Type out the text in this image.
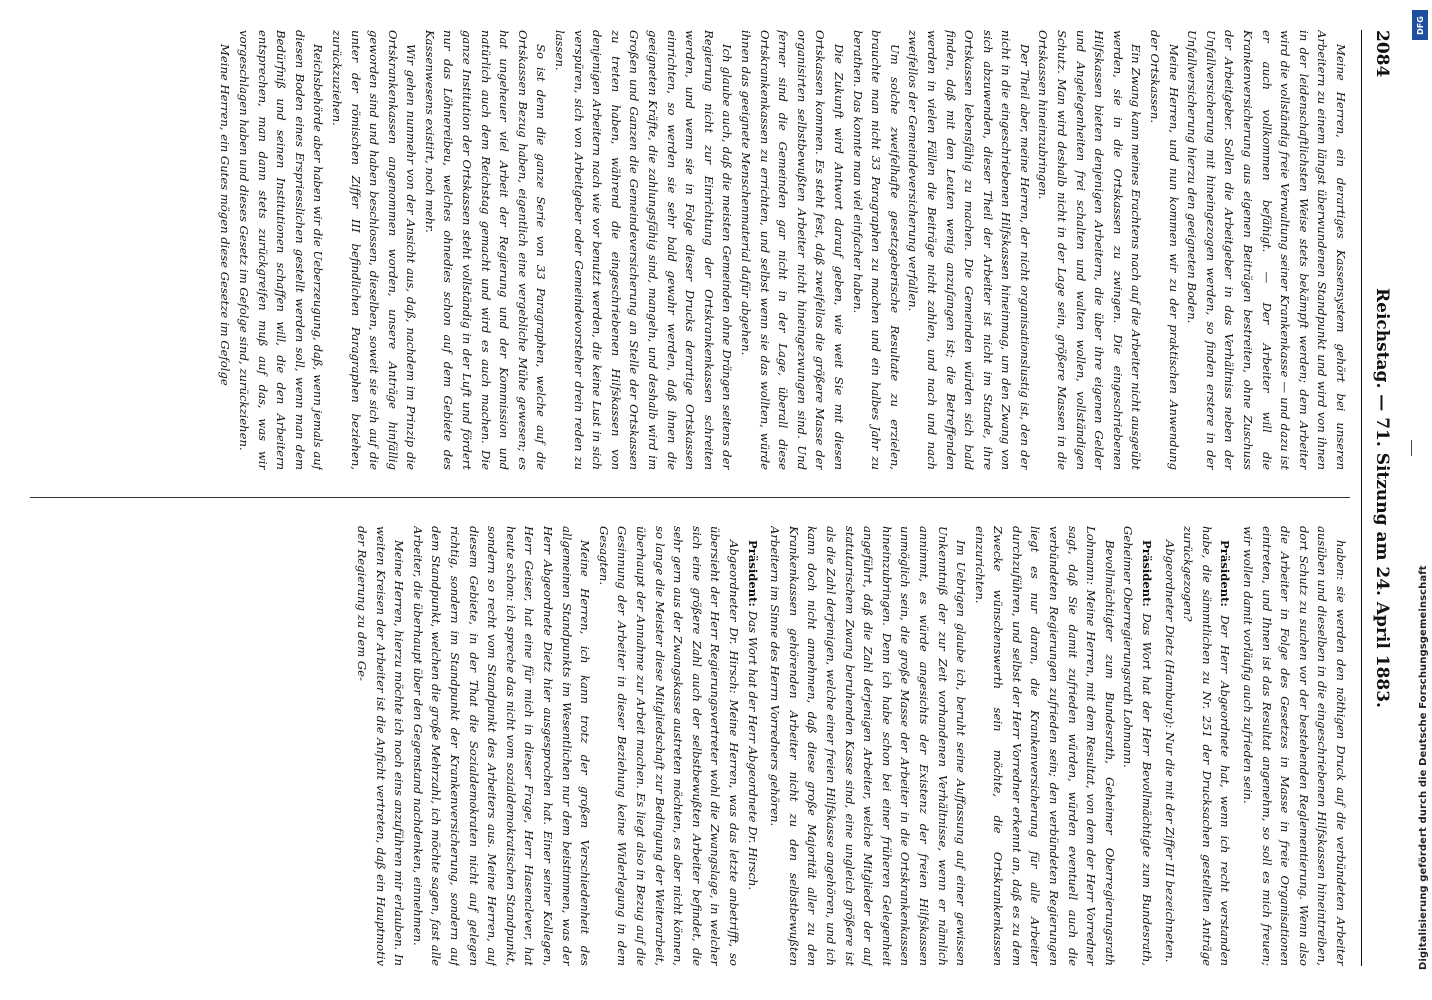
2084
Reichstag. — 71. Sitzung am 24. April 1883.

Meine Herren, ein derartiges Kassensystem gehört bei unseren Arbeitern zu einem längst überwundenen Standpunkt und wird von ihnen in der leidenschaftlichsten Weise stets bekämpft werden; dem Arbeiter wird die vollständig freie Verwaltung seiner Krankenkasse — und dazu ist er auch vollkommen befähigt. — Der Arbeiter will die Krankenversicherung aus eigenen Beiträgen bestreiten, ohne Zuschuss der Arbeitgeber. Sollen die Arbeitgeber in das Verhältniss neben der Unfallversicherung mit hineingezogen werden, so finden erstere in der Unfallversicherung hierzu den geeigneten Boden.

Meine Herren, und nun kommen wir zu der praktischen Anwendung der Ortskassen.

Ein Zwang kann meines Erachtens nach auf die Arbeiter nicht ausgeübt werden, sie in die Ortskassen zu zwingen. Die eingeschriebenen Hilfskassen bieten denjenigen Arbeitern, die über ihre eigenen Gelder und Angelegenheiten frei schalten und walten wollen, vollständigen Schutz. Man wird deshalb nicht in der Lage sein, größere Massen in die Ortskassen hineinzubringen.

Der Theil aber, meine Herren, der nicht organisationslustig ist, den der nicht in die eingeschriebenen Hilfskassen hineinmag, um den Zwang von sich abzuwenden, dieser Theil der Arbeiter ist nicht im Stande, ihre Ortskassen lebensfähig zu machen. Die Gemeinden würden sich bald finden, daß mit den Leuten wenig anzufangen ist; die Betreffenden werden in vielen Fällen die Beiträge nicht zahlen, und nach und nach zweifellos der Gemeindeversicherung verfallen.

Um solche zweifelhafte gesetzgeberische Resultate zu erzielen, brauchte man nicht 33 Paragraphen zu machen und ein halbes Jahr zu berathen. Das konnte man viel einfacher haben.

Die Zukunft wird Antwort darauf geben, wie weit Sie mit diesen Ortskassen kommen. Es steht fest, daß zweifellos die größere Masse der organisirten selbstbewußten Arbeiter nicht hineingezwungen sind. Und ferner sind die Gemeinden gar nicht in der Lage, überall diese Ortskrankenkassen zu errichten, und selbst wenn sie das wollten, würde ihnen das geeignete Menschenmaterial dafür abgehen.

Ich glaube auch, daß die meisten Gemeinden ohne Drängen seitens der Regierung nicht zur Einrichtung der Ortskrankenkassen schreiten werden, und wenn sie in Folge dieser Drucks derartige Ortskassen einrichten, so werden sie sehr bald gewahr werden, daß ihnen die geeigneten Kräfte, die zahlungsfähig sind, mangeln, und deshalb wird im Großen und Ganzen die Gemeindeversicherung an Stelle der Ortskassen zu treten haben, während die eingeschriebenen Hilfskassen von denjenigen Arbeitern nach wie vor benutzt werden, die keine Lust in sich verspüren, sich von Arbeitgeber oder Gemeindevorsteher drein reden zu lassen.

So ist denn die ganze Serie von 33 Paragraphen, welche auf die Ortskassen Bezug haben, eigentlich eine vergebliche Mühe gewesen; es hat ungeheuer viel Arbeit der Regierung und der Kommission und natürlich auch dem Reichstag gemacht und wird es auch machen. Die ganze Institution der Ortskassen steht vollständig in der Luft und fördert nur das Löhnereibeu, welches ohnedies schon auf dem Gebiete des Kassenwesens existirt, noch mehr.

Wir gehen nunmehr von der Ansicht aus, daß, nachdem im Prinzip die Ortskrankenkassen angenommen worden, unsere Anträge hinfällig geworden sind und haben beschlossen, dieselben, soweit sie sich auf die unter der römischen Ziffer III befindlichen Paragraphen beziehen, zurückzuziehen.

Reichsbehörde aber haben wir die Ueberzeugung, daß, wenn jemals auf diesen Boden eines Erspriesslichen gestellt werden soll, wenn man dem Bedürfniß und seinen Institutionen schaffen will, die den Arbeitern entsprechen, man dann stets zurückgreifen muß auf das, was wir vorgeschlagen haben und dieses Gesetz im Gefolge sind, zurückziehen.

Meine Herren, ein Gutes mögen diese Gesetze im Gefolge

haben: sie werden den nöthigen Druck auf die verbündeten Arbeiter ausüben und dieselben in die eingeschriebenen Hilfskassen hineintreiben, dort Schutz zu suchen vor der bestehenden Reglementierung. Wenn also die Arbeiter in Folge des Gesetzes in Masse in freie Organisationen eintreten, und Ihnen ist das Resultat angenehm, so soll es mich freuen; wir wollen damit vorläufig auch zufrieden sein.

Präsident: Der Herr Abgeordnete hat, wenn ich recht verstanden habe, die sämmtlichen zu Nr. 251 der Drucksachen gestellten Anträge zurückgezogen?

Abgeordneter Dietz (Hamburg): Nur die mit der Ziffer III bezeichneten.

Präsident: Das Wort hat der Herr Bevollmächtigte zum Bundesrath, Geheimer Oberregierungsrath Lohmann.

Bevollmächtigter zum Bundesrath, Geheimer Oberregierungsrath Lohmann: Meine Herren, mit dem Resultat, von dem der Herr Vorredner sagt, daß Sie damit zufrieden würden, würden eventuell auch die verbündeten Regierungen zufrieden sein; den verbündeten Regierungen liegt es nur daran, die Krankenversicherung für alle Arbeiter durchzuführen, und selbst der Herr Vorredner erkennt an, daß es zu dem Zwecke wünschenswerth sein möchte, die Ortskrankenkassen einzurichten.

Im Uebrigen glaube ich, beruht seine Auffassung auf einer gewissen Unkenntniß der zur Zeit vorhandenen Verhältnisse, wenn er nämlich annimmt, es würde angesichts der Existenz der freien Hilfskassen unmöglich sein, die große Masse der Arbeiter in die Ortskrankenkassen hineinzubringen. Denn ich habe schon bei einer früheren Gelegenheit angeführt, daß die Zahl derjenigen Arbeiter, welche Mitglieder der auf statutarischem Zwang beruhenden Kasse sind, eine ungleich größere ist als die Zahl derjenigen, welche einer freien Hilfskasse angehören, und ich kann doch nicht annehmen, daß diese große Majorität aller zu den Krankenkassen gehörenden Arbeiter nicht zu den selbstbewußten Arbeitern im Sinne des Herrn Vorredners gehören.

Präsident: Das Wort hat der Herr Abgeordnete Dr. Hirsch.

Abgeordneter Dr. Hirsch: Meine Herren, was das letzte anbetrifft, so übersieht der Herr Regierungsvertreter wohl die Zwangslage, in welcher sich eine größere Zahl auch der selbstbewußten Arbeiter befindet, die sehr gern aus der Zwangskasse austreten möchten, es aber nicht können, so lange die Meister diese Mitgliedschaft zur Bedingung der Weiterarbeit, überhaupt der Annahme zur Arbeit machen. Es liegt also in Bezug auf die Gesinnung der Arbeiter in dieser Beziehung keine Widerlegung in dem Gesagten.

Meine Herren, ich kann trotz der großen Verschiedenheit des allgemeinen Standpunkts im Wesentlichen nur dem beistimmen, was der Herr Abgeordnete Dietz hier ausgesprochen hat. Einer seiner Kollegen, Herr Geiser, hat eine für mich in dieser Frage, Herr Hasenclever, hat heute schon: ich spreche das nicht vom sozialdemokratischen Standpunkt, sondern so recht vom Standpunkt des Arbeiters aus. Meine Herren, auf diesem Gebiete, in der That die Sozialdemokraten nicht auf gelegen richtig, sondern im Standpunkt der Krankenversicherung, sondern auf dem Standpunkt, welchen die große Mehrzahl, ich möchte sagen, fast alle Arbeiter, die überhaupt über den Gegenstand nachdenken, einnehmen.

Meine Herren, hierzu möchte ich noch eins anzuführen mir erlauben. In weiten Kreisen der Arbeiter ist die Anficht vertreten, daß ein Hauptmotiv der Regierung zu dem Ge-

DFG
Digitalisierung gefördert durch die Deutsche Forschungsgemeinschaft
